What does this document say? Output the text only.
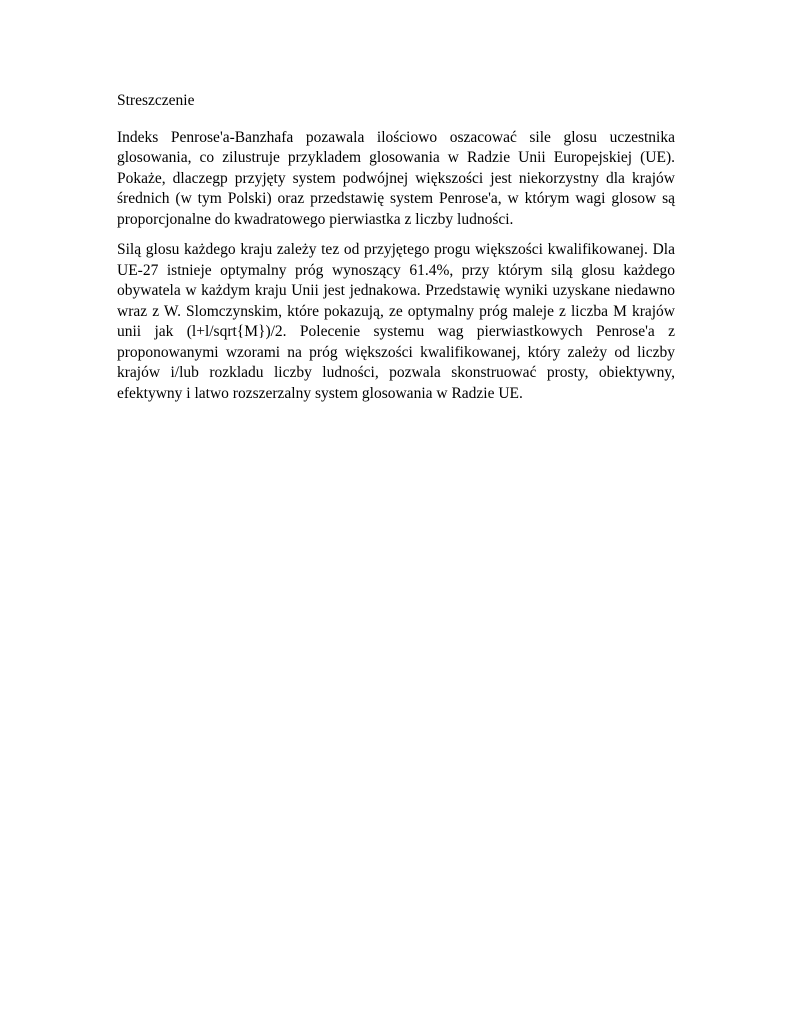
Streszczenie

Indeks Penrose'a-Banzhafa pozawala ilościowo oszacować sile glosu uczestnika glosowania, co zilustruje przykladem glosowania w Radzie Unii Europejskiej (UE). Pokaże, dlaczegp przyjęty system podwójnej większości jest niekorzystny dla krajów średnich (w tym Polski) oraz przedstawię system Penrose'a, w którym wagi glosow są proporcjonalne do kwadratowego pierwiastka z liczby ludności.

Silą glosu każdego kraju zależy tez od przyjętego progu większości kwalifikowanej. Dla UE-27 istnieje optymalny próg wynoszący 61.4%, przy którym silą glosu każdego obywatela w każdym kraju Unii jest jednakowa. Przedstawię wyniki uzyskane niedawno wraz z W. Slomczynskim, które pokazują, ze optymalny próg maleje z liczba M krajów unii jak (l+l/sqrt{M})/2. Polecenie systemu wag pierwiastkowych Penrose'a z proponowanymi wzorami na próg większości kwalifikowanej, który zależy od liczby krajów i/lub rozkladu liczby ludności, pozwala skonstruować prosty, obiektywny, efektywny i latwo rozszerzalny system glosowania w Radzie UE.
